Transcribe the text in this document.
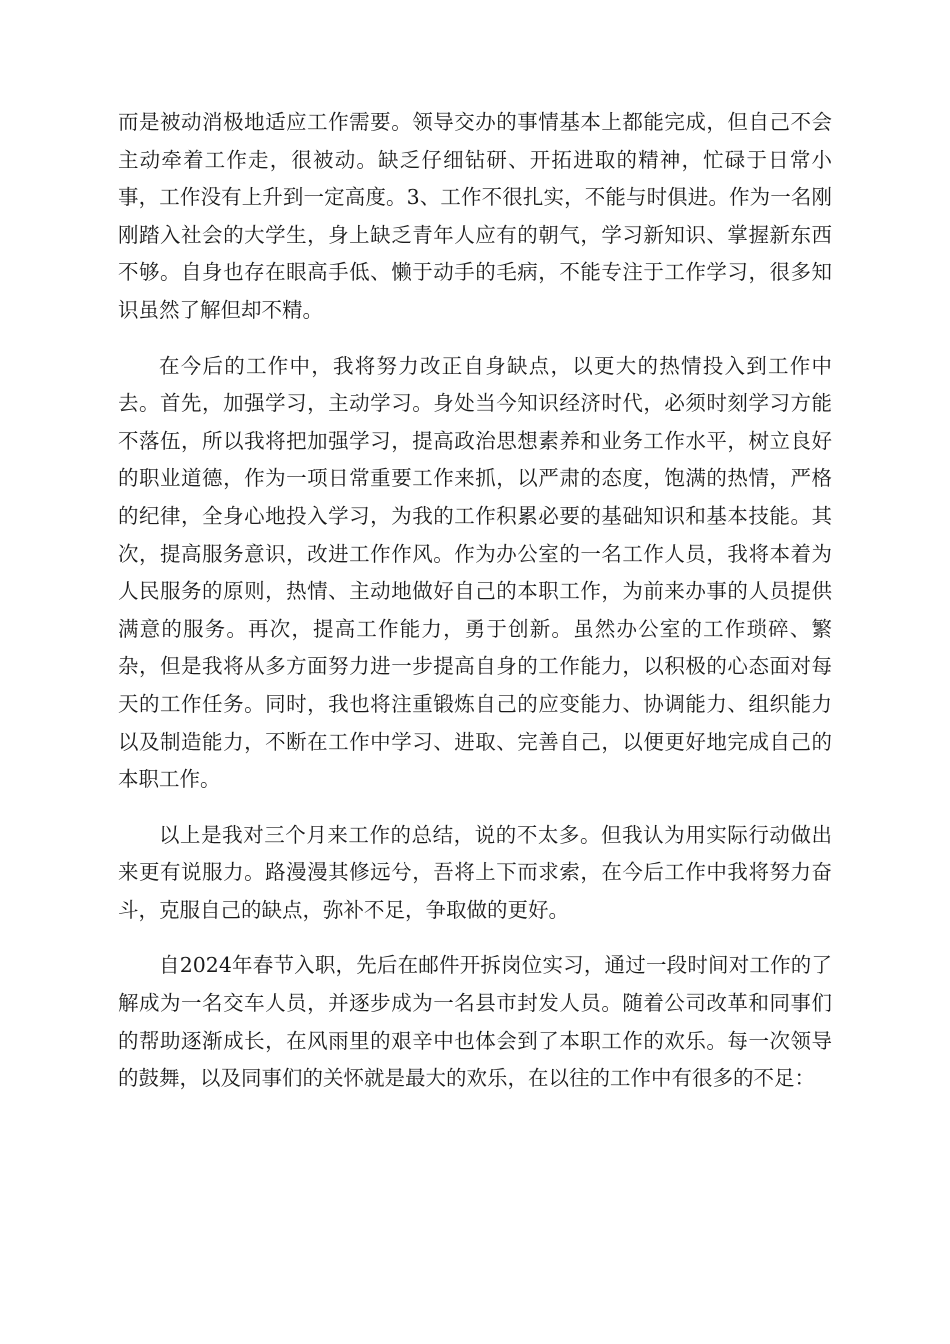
而是被动消极地适应工作需要。领导交办的事情基本上都能完成，但自己不会主动牵着工作走，很被动。缺乏仔细钻研、开拓进取的精神，忙碌于日常小事，工作没有上升到一定高度。3、工作不很扎实，不能与时俱进。作为一名刚刚踏入社会的大学生，身上缺乏青年人应有的朝气，学习新知识、掌握新东西不够。自身也存在眼高手低、懒于动手的毛病，不能专注于工作学习，很多知识虽然了解但却不精。

在今后的工作中，我将努力改正自身缺点，以更大的热情投入到工作中去。首先，加强学习，主动学习。身处当今知识经济时代，必须时刻学习方能不落伍，所以我将把加强学习，提高政治思想素养和业务工作水平，树立良好的职业道德，作为一项日常重要工作来抓，以严肃的态度，饱满的热情，严格的纪律，全身心地投入学习，为我的工作积累必要的基础知识和基本技能。其次，提高服务意识，改进工作作风。作为办公室的一名工作人员，我将本着为人民服务的原则，热情、主动地做好自己的本职工作，为前来办事的人员提供满意的服务。再次，提高工作能力，勇于创新。虽然办公室的工作琐碎、繁杂，但是我将从多方面努力进一步提高自身的工作能力，以积极的心态面对每天的工作任务。同时，我也将注重锻炼自己的应变能力、协调能力、组织能力以及制造能力，不断在工作中学习、进取、完善自己，以便更好地完成自己的本职工作。

以上是我对三个月来工作的总结，说的不太多。但我认为用实际行动做出来更有说服力。路漫漫其修远兮，吾将上下而求索，在今后工作中我将努力奋斗，克服自己的缺点，弥补不足，争取做的更好。

自2024年春节入职，先后在邮件开拆岗位实习，通过一段时间对工作的了解成为一名交车人员，并逐步成为一名县市封发人员。随着公司改革和同事们的帮助逐渐成长，在风雨里的艰辛中也体会到了本职工作的欢乐。每一次领导的鼓舞，以及同事们的关怀就是最大的欢乐，在以往的工作中有很多的不足：
